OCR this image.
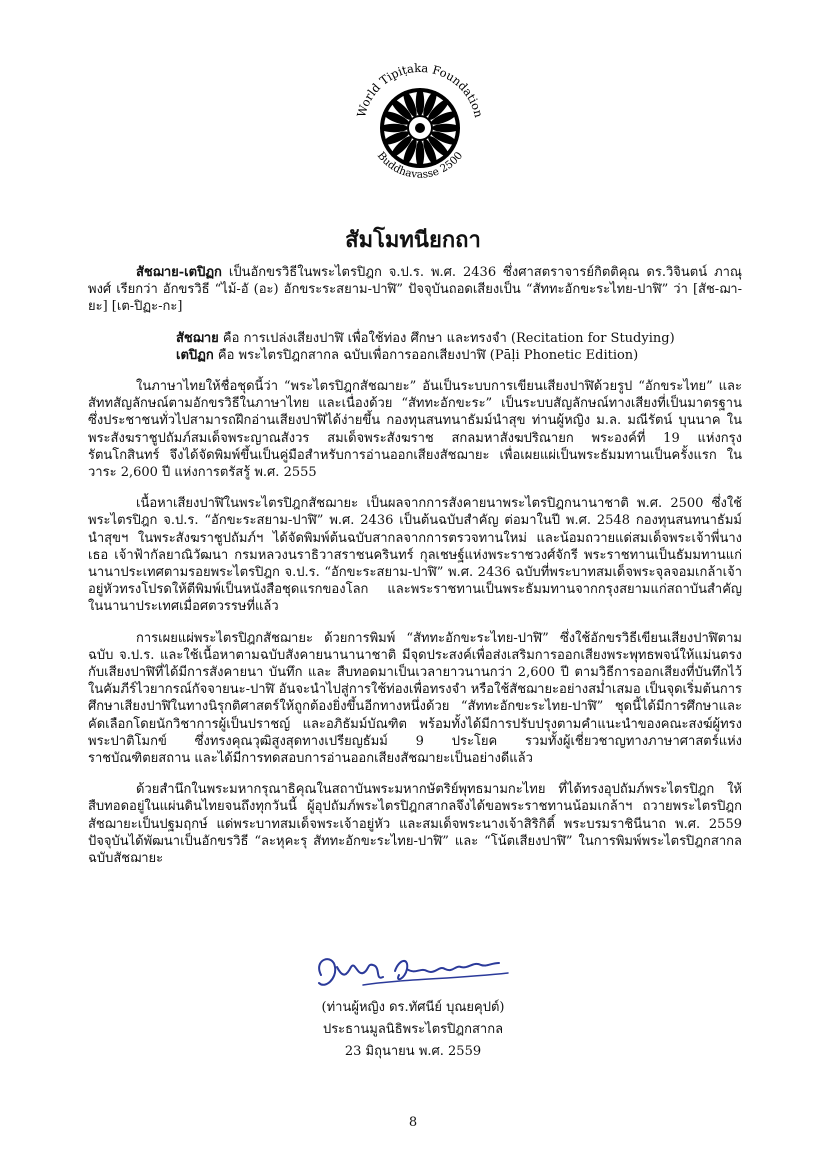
World Tipiṭaka Foundation
Buddhavasse 2500
สัมโมทนียกถา

สัชฌาย-เตปิฏก เป็นอักขรวิธีในพระไตรปิฎก จ.ป.ร. พ.ศ. 2436 ซึ่งศาสตราจารย์กิตติคุณ ดร.วิจินตน์ ภาณุพงศ์ เรียกว่า อักขรวิธี “ไม้-อั (อะ) อักขระระสยาม-ปาฬิ” ปัจจุบันถอดเสียงเป็น “สัททะอักขะระไทย-ปาฬิ” ว่า [สัช-ฌา-ยะ] [เต-ปิฏะ-กะ]

สัชฌาย คือ การเปล่งเสียงปาฬิ เพื่อใช้ท่อง ศึกษา และทรงจำ (Recitation for Studying)
เตปิฏก คือ พระไตรปิฎกสากล ฉบับเพื่อการออกเสียงปาฬิ (Pāḷi Phonetic Edition)

ในภาษาไทยให้ชื่อชุดนี้ว่า “พระไตรปิฎกสัชฌายะ” อันเป็นระบบการเขียนเสียงปาฬิด้วยรูป “อักขระไทย” และสัททสัญลักษณ์ตามอักขรวิธีในภาษาไทย และเนื่องด้วย “สัททะอักขะระ” เป็นระบบสัญลักษณ์ทางเสียงที่เป็นมาตรฐาน ซึ่งประชาชนทั่วไปสามารถฝึกอ่านเสียงปาฬิได้ง่ายขึ้น กองทุนสนทนาธัมม์นำสุข ท่านผู้หญิง ม.ล. มณีรัตน์ บุนนาค ในพระสังฆราชูปถัมภ์สมเด็จพระญาณสังวร สมเด็จพระสังฆราช สกลมหาสังฆปริณายก พระองค์ที่ 19 แห่งกรุงรัตนโกสินทร์ จึงได้จัดพิมพ์ขึ้นเป็นคู่มือสำหรับการอ่านออกเสียงสัชฌายะ เพื่อเผยแผ่เป็นพระธัมมทานเป็นครั้งแรก ในวาระ 2,600 ปี แห่งการตรัสรู้ พ.ศ. 2555

เนื้อหาเสียงปาฬิในพระไตรปิฎกสัชฌายะ เป็นผลจากการสังคายนาพระไตรปิฎกนานาชาติ พ.ศ. 2500 ซึ่งใช้พระไตรปิฎก จ.ป.ร. “อักขะระสยาม-ปาฬิ” พ.ศ. 2436 เป็นต้นฉบับสำคัญ ต่อมาในปี พ.ศ. 2548 กองทุนสนทนาธัมม์นำสุขฯ ในพระสังฆราชูปถัมภ์ฯ ได้จัดพิมพ์ต้นฉบับสากลจากการตรวจทานใหม่ และน้อมถวายแด่สมเด็จพระเจ้าพี่นางเธอ เจ้าฟ้ากัลยาณิวัฒนา กรมหลวงนราธิวาสราชนครินทร์ กุลเชษฐ์แห่งพระราชวงศ์จักรี พระราชทานเป็นธัมมทานแก่นานาประเทศตามรอยพระไตรปิฎก จ.ป.ร. “อักขะระสยาม-ปาฬิ” พ.ศ. 2436 ฉบับที่พระบาทสมเด็จพระจุลจอมเกล้าเจ้าอยู่หัวทรงโปรดให้ตีพิมพ์เป็นหนังสือชุดแรกของโลก และพระราชทานเป็นพระธัมมทานจากกรุงสยามแก่สถาบันสำคัญในนานาประเทศเมื่อศตวรรษที่แล้ว

การเผยแผ่พระไตรปิฎกสัชฌายะ ด้วยการพิมพ์ “สัททะอักขะระไทย-ปาฬิ” ซึ่งใช้อักขรวิธีเขียนเสียงปาฬิตามฉบับ จ.ป.ร. และใช้เนื้อหาตามฉบับสังคายนานานาชาติ มีจุดประสงค์เพื่อส่งเสริมการออกเสียงพระพุทธพจน์ให้แม่นตรงกับเสียงปาฬิที่ได้มีการสังคายนา บันทึก และ สืบทอดมาเป็นเวลายาวนานกว่า 2,600 ปี ตามวิธีการออกเสียงที่บันทึกไว้ในคัมภีร์ไวยากรณ์กัจจายนะ-ปาฬิ อันจะนำไปสู่การใช้ท่องเพื่อทรงจำ หรือใช้สัชฌายะอย่างสม่ำเสมอ เป็นจุดเริ่มต้นการศึกษาเสียงปาฬิในทางนิรุกติศาสตร์ให้ถูกต้องยิ่งขึ้นอีกทางหนึ่งด้วย “สัททะอักขะระไทย-ปาฬิ” ชุดนี้ได้มีการศึกษาและคัดเลือกโดยนักวิชาการผู้เป็นปราชญ์ และอภิธัมม์บัณฑิต พร้อมทั้งได้มีการปรับปรุงตามคำแนะนำของคณะสงฆ์ผู้ทรงพระปาติโมกข์ ซึ่งทรงคุณวุฒิสูงสุดทางเปรียญธัมม์ 9 ประโยค รวมทั้งผู้เชี่ยวชาญทางภาษาศาสตร์แห่งราชบัณฑิตยสถาน และได้มีการทดสอบการอ่านออกเสียงสัชฌายะเป็นอย่างดีแล้ว

ด้วยสำนึกในพระมหากรุณาธิคุณในสถาบันพระมหากษัตริย์พุทธมามกะไทย ที่ได้ทรงอุปถัมภ์พระไตรปิฎก ให้สืบทอดอยู่ในแผ่นดินไทยจนถึงทุกวันนี้ ผู้อุปถัมภ์พระไตรปิฎกสากลจึงได้ขอพระราชทานน้อมเกล้าฯ ถวายพระไตรปิฎกสัชฌายะเป็นปฐมฤกษ์ แด่พระบาทสมเด็จพระเจ้าอยู่หัว และสมเด็จพระนางเจ้าสิริกิติ์ พระบรมราชินีนาถ พ.ศ. 2559 ปัจจุบันได้พัฒนาเป็นอักขรวิธี “ละหุคะรุ สัททะอักขะระไทย-ปาฬิ” และ “โน้ตเสียงปาฬิ” ในการพิมพ์พระไตรปิฎกสากล ฉบับสัชฌายะ

(ท่านผู้หญิง ดร.ทัศนีย์ บุณยคุปต์)

ประธานมูลนิธิพระไตรปิฎกสากล

23 มิถุนายน พ.ศ. 2559

8
